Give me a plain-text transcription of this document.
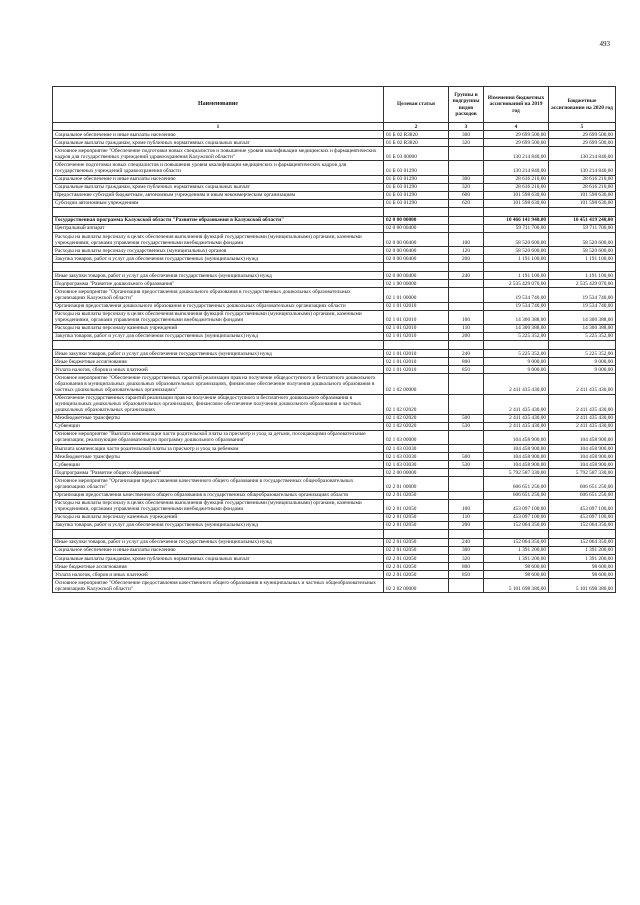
493
Наименование	Целевая статья	Группы и подгруппы видов расходов	Изменения бюджетных ассигнований на 2019 год	Бюджетные ассигнования на 2020 год
1	2	3	4	5
Социальное обеспечение и иные выплаты населению	01 Б 02 R3820	300	29 699 500,00	29 699 500,00
Социальные выплаты гражданам, кроме публичных нормативных социальных выплат	01 Б 02 R3820	320	29 699 500,00	29 699 500,00
Основное мероприятие "Обеспечение подготовки новых специалистов и повышение уровня квалификации медицинских и фармацевтических кадров для государственных учреждений здравоохранения Калужской области"	01 Б 03 00000		130 214 840,00	130 214 840,00
Обеспечение подготовки новых специалистов и повышения уровня квалификации медицинских и фармацевтических кадров для государственных учреждений здравоохранения области	01 Б 03 01290		130 214 840,00	130 214 840,00
Социальное обеспечение и иные выплаты населению	01 Б 03 01290	300	28 616 210,00	28 616 210,00
Социальные выплаты гражданам, кроме публичных нормативных социальных выплат	01 Б 03 01290	320	28 616 210,00	28 616 210,00
Предоставление субсидий бюджетным, автономным учреждениям и иным некоммерческим организациям	01 Б 03 01290	600	101 598 630,00	101 598 630,00
Субсидии автономным учреждениям	01 Б 03 01290	620	101 598 630,00	101 598 630,00

Государственная программа Калужской области "Развитие образования в Калужской области"	02 0 00 00000		10 466 141 940,00	10 451 419 240,00
Центральный аппарат	02 0 00 00400		59 711 700,00	59 711 700,00
Расходы на выплаты персоналу в целях обеспечения выполнения функций государственными (муниципальными) органами, казенными учреждениями, органами управления государственными внебюджетными фондами	02 0 00 00400	100	58 520 600,00	58 520 600,00
Расходы на выплаты персоналу государственных (муниципальных) органов	02 0 00 00400	120	58 520 600,00	58 520 600,00
Закупка товаров, работ и услуг для обеспечения государственных (муниципальных) нужд	02 0 00 00400	200	1 191 100,00	1 191 100,00

Иные закупки товаров, работ и услуг для обеспечения государственных (муниципальных) нужд	02 0 00 00400	240	1 191 100,00	1 191 100,00
Подпрограмма "Развитие дошкольного образования"	02 1 00 00000		2 535 429 070,00	2 535 429 070,00
Основное мероприятие "Организация предоставления дошкольного образования в государственных дошкольных образовательных организациях Калужской области"	02 1 01 00000		19 534 740,00	19 534 740,00
Организация предоставления дошкольного образования в государственных дошкольных образовательных организациях области	02 1 01 02010		19 534 740,00	19 534 740,00
Расходы на выплаты персоналу в целях обеспечения выполнения функций государственными (муниципальными) органами, казенными учреждениями, органами управления государственными внебюджетными фондами	02 1 01 02010	100	14 300 388,00	14 300 388,00
Расходы на выплаты персоналу казенных учреждений	02 1 01 02010	110	14 300 388,00	14 300 388,00
Закупка товаров, работ и услуг для обеспечения государственных (муниципальных) нужд	02 1 01 02010	200	5 225 352,00	5 225 352,00

Иные закупки товаров, работ и услуг для обеспечения государственных (муниципальных) нужд	02 1 01 02010	240	5 225 352,00	5 225 352,00
Иные бюджетные ассигнования	02 1 01 02010	800	9 000,00	9 000,00
Уплата налогов, сборов и иных платежей	02 1 01 02010	850	9 000,00	9 000,00
Основное мероприятие "Обеспечение государственных гарантий реализации прав на получение общедоступного и бесплатного дошкольного образования в муниципальных дошкольных образовательных организациях, финансовое обеспечение получения дошкольного образования в частных дошкольных образовательных организациях"	02 1 02 00000		2 411 435 430,00	2 411 435 430,00
Обеспечение государственных гарантий реализации прав на получение общедоступного и бесплатного дошкольного образования в муниципальных дошкольных образовательных организациях, финансовое обеспечение получения дошкольного образования в частных дошкольных образовательных организациях	02 1 02 02020		2 411 435 430,00	2 411 435 430,00
Межбюджетные трансферты	02 1 02 02020	500	2 411 435 430,00	2 411 435 430,00
Субвенции	02 1 02 02020	530	2 411 435 430,00	2 411 435 430,00
Основное мероприятие "Выплата компенсации части родительской платы за присмотр и уход за детьми, посещающими образовательные организации, реализующие образовательную программу дошкольного образования"	02 1 03 00000		104 458 900,00	104 458 900,00
Выплата компенсации части родительской платы за присмотр и уход за ребенком	02 1 03 03030		104 458 900,00	104 458 900,00
Межбюджетные трансферты	02 1 03 03030	500	104 458 900,00	104 458 900,00
Субвенции	02 1 03 03030	530	104 458 900,00	104 458 900,00
Подпрограмма "Развитие общего образования"	02 2 00 00000		5 792 587 330,00	5 792 587 330,00
Основное мероприятие "Организация предоставления качественного общего образования в государственных общеобразовательных организациях области"	02 2 01 00000		606 651 250,00	606 651 250,00
Организация предоставления качественного общего образования в государственных общеобразовательных организациях области	02 2 01 02050		606 651 250,00	606 651 250,00
Расходы на выплаты персоналу в целях обеспечения выполнения функций государственными (муниципальными) органами, казенными учреждениями, органами управления государственными внебюджетными фондами	02 2 01 02050	100	453 097 100,00	453 097 100,00
Расходы на выплаты персоналу казенных учреждений	02 2 01 02050	110	453 097 100,00	453 097 100,00
Закупка товаров, работ и услуг для обеспечения государственных (муниципальных) нужд	02 2 01 02050	200	152 064 350,00	152 064 350,00

Иные закупки товаров, работ и услуг для обеспечения государственных (муниципальных) нужд	02 2 01 02050	240	152 064 350,00	152 064 350,00
Социальное обеспечение и иные выплаты населению	02 2 01 02050	300	1 391 200,00	1 391 200,00
Социальные выплаты гражданам, кроме публичных нормативных социальных выплат	02 2 01 02050	320	1 391 200,00	1 391 200,00
Иные бюджетные ассигнования	02 2 01 02050	800	98 600,00	98 600,00
Уплата налогов, сборов и иных платежей	02 2 01 02050	850	98 600,00	98 600,00
Основное мероприятие "Обеспечение предоставления качественного общего образования в муниципальных и частных общеобразовательных организациях Калужской области"	02 2 02 00000		5 101 698 380,00	5 101 698 380,00
